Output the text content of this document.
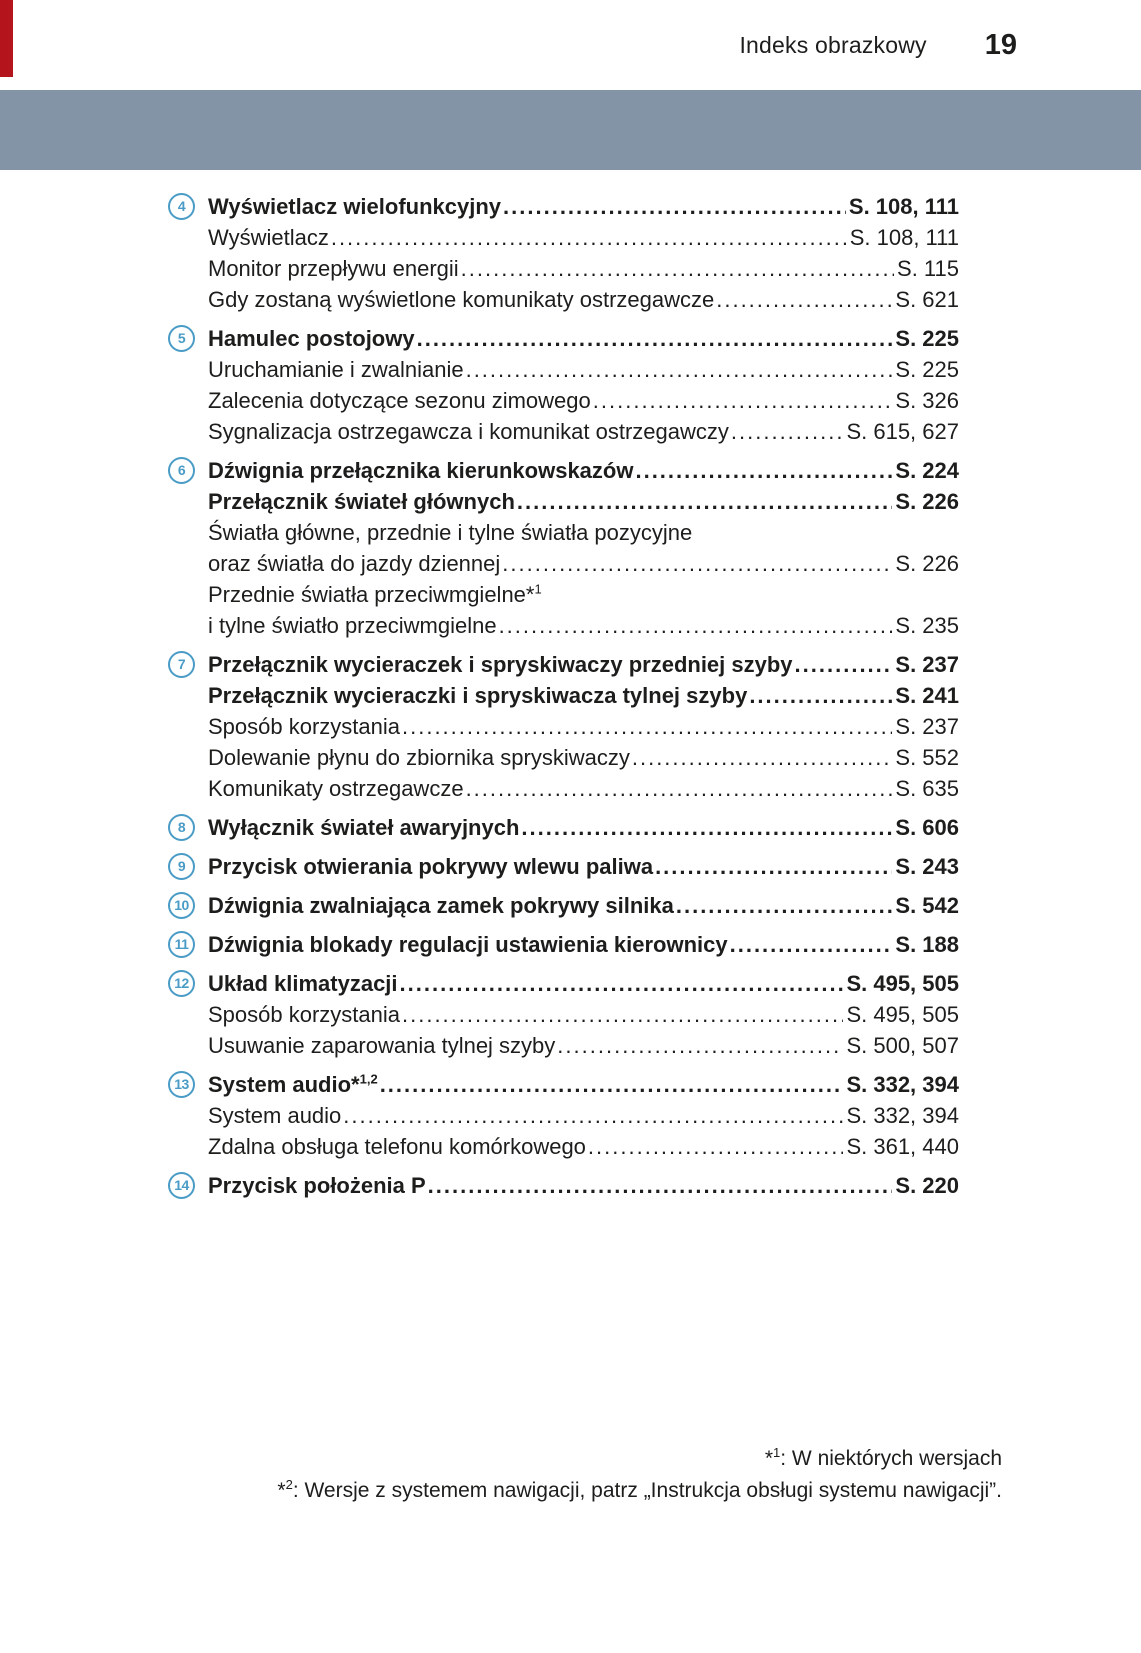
Indeks obrazkowy 19
4	Wyświetlacz wielofunkcyjny .....	S. 108, 111
Wyświetlacz .....	S. 108, 111
Monitor przepływu energii .....	S. 115
Gdy zostaną wyświetlone komunikaty ostrzegawcze .....	S. 621
5	Hamulec postojowy .....	S. 225
Uruchamianie i zwalnianie .....	S. 225
Zalecenia dotyczące sezonu zimowego .....	S. 326
Sygnalizacja ostrzegawcza i komunikat ostrzegawczy .....	S. 615, 627
6	Dźwignia przełącznika kierunkowskazów .....	S. 224
Przełącznik świateł głównych .....	S. 226
Światła główne, przednie i tylne światła pozycyjne
oraz światła do jazdy dziennej .....	S. 226
Przednie światła przeciwmgielne*$^1$
i tylne światło przeciwmgielne .....	S. 235
7	Przełącznik wycieraczek i spryskiwaczy przedniej szyby .....	S. 237
Przełącznik wycieraczki i spryskiwacza tylnej szyby .....	S. 241
Sposób korzystania .....	S. 237
Dolewanie płynu do zbiornika spryskiwaczy .....	S. 552
Komunikaty ostrzegawcze .....	S. 635
8	Wyłącznik świateł awaryjnych .....	S. 606
9	Przycisk otwierania pokrywy wlewu paliwa .....	S. 243
10 Dźwignia zwalniająca zamek pokrywy silnika .....	S. 542
11 Dźwignia blokady regulacji ustawienia kierownicy .....	S. 188
12 Układ klimatyzacji .....	S. 495, 505
Sposób korzystania .....	S. 495, 505
Usuwanie zaparowania tylnej szyby .....	S. 500, 507
13 System audio*$^{1,2}$ .....	S. 332, 394
System audio .....	S. 332, 394
Zdalna obsługa telefonu komórkowego .....	S. 361, 440
14 Przycisk położenia P .....	S. 220
*$^1$: W niektórych wersjach
*$^2$: Wersje z systemem nawigacji, patrz „Instrukcja obsługi systemu nawigacji”.
